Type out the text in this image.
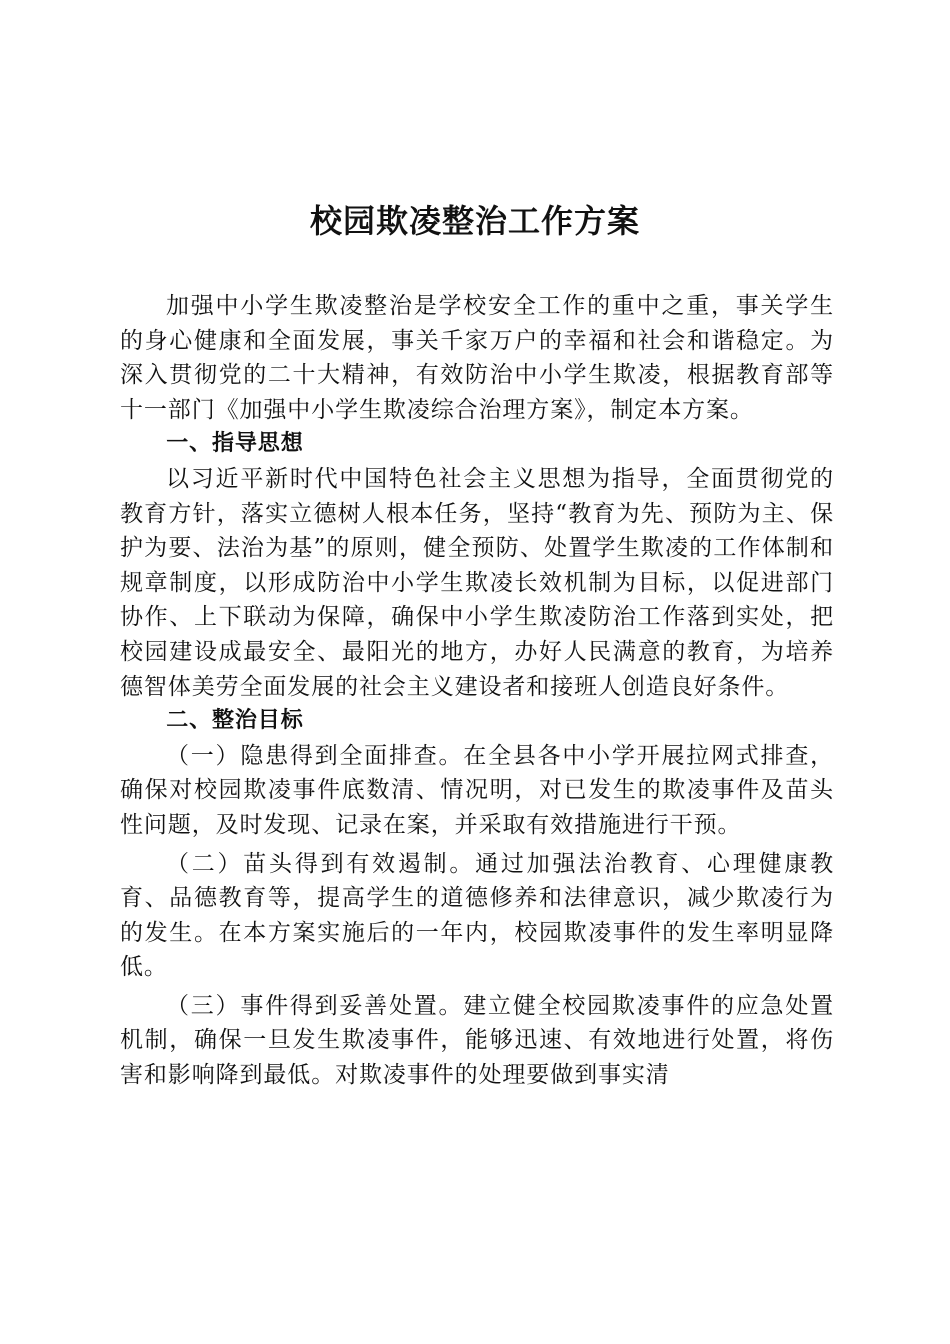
校园欺凌整治工作方案

加强中小学生欺凌整治是学校安全工作的重中之重，事关学生的身心健康和全面发展，事关千家万户的幸福和社会和谐稳定。为深入贯彻党的二十大精神，有效防治中小学生欺凌，根据教育部等十一部门《加强中小学生欺凌综合治理方案》，制定本方案。

一、指导思想

以习近平新时代中国特色社会主义思想为指导，全面贯彻党的教育方针，落实立德树人根本任务，坚持“教育为先、预防为主、保护为要、法治为基”的原则，健全预防、处置学生欺凌的工作体制和规章制度，以形成防治中小学生欺凌长效机制为目标，以促进部门协作、上下联动为保障，确保中小学生欺凌防治工作落到实处，把校园建设成最安全、最阳光的地方，办好人民满意的教育，为培养德智体美劳全面发展的社会主义建设者和接班人创造良好条件。

二、整治目标

（一）隐患得到全面排查。在全县各中小学开展拉网式排查，确保对校园欺凌事件底数清、情况明，对已发生的欺凌事件及苗头性问题，及时发现、记录在案，并采取有效措施进行干预。

（二）苗头得到有效遏制。通过加强法治教育、心理健康教育、品德教育等，提高学生的道德修养和法律意识，减少欺凌行为的发生。在本方案实施后的一年内，校园欺凌事件的发生率明显降低。

（三）事件得到妥善处置。建立健全校园欺凌事件的应急处置机制，确保一旦发生欺凌事件，能够迅速、有效地进行处置，将伤害和影响降到最低。对欺凌事件的处理要做到事实清
